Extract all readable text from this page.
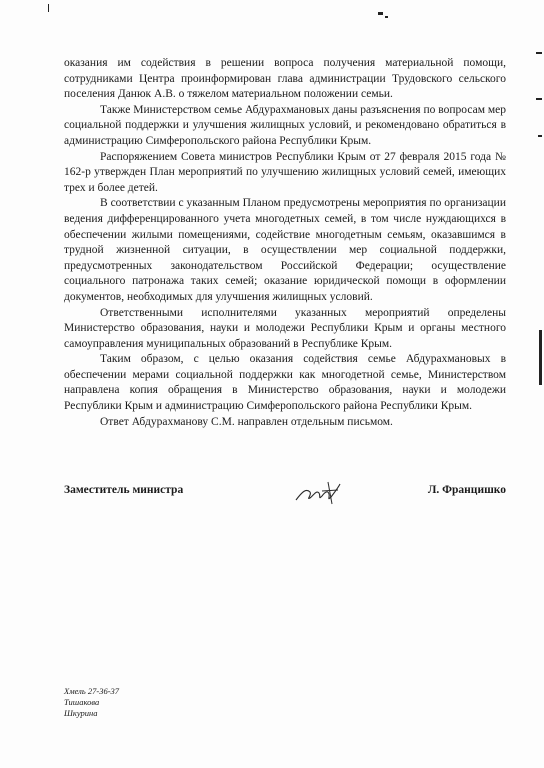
оказания им содействия в решении вопроса получения материальной помощи, сотрудниками Центра проинформирован глава администрации Трудовского сельского поселения Данюк А.В. о тяжелом материальном положении семьи.

Также Министерством семье Абдурахмановых даны разъяснения по вопросам мер социальной поддержки и улучшения жилищных условий, и рекомендовано обратиться в администрацию Симферопольского района Республики Крым.

Распоряжением Совета министров Республики Крым от 27 февраля 2015 года № 162-р утвержден План мероприятий по улучшению жилищных условий семей, имеющих трех и более детей.

В соответствии с указанным Планом предусмотрены мероприятия по организации ведения дифференцированного учета многодетных семей, в том числе нуждающихся в обеспечении жилыми помещениями, содействие многодетным семьям, оказавшимся в трудной жизненной ситуации, в осуществлении мер социальной поддержки, предусмотренных законодательством Российской Федерации; осуществление социального патронажа таких семей; оказание юридической помощи в оформлении документов, необходимых для улучшения жилищных условий.

Ответственными исполнителями указанных мероприятий определены Министерство образования, науки и молодежи Республики Крым и органы местного самоуправления муниципальных образований в Республике Крым.

Таким образом, с целью оказания содействия семье Абдурахмановых в обеспечении мерами социальной поддержки как многодетной семье, Министерством направлена копия обращения в Министерство образования, науки и молодежи Республики Крым и администрацию Симферопольского района Республики Крым.

Ответ Абдурахманову С.М. направлен отдельным письмом.

Заместитель министра	Л. Францишко
Хмель 27-36-37
Тишакова
Шкурина
